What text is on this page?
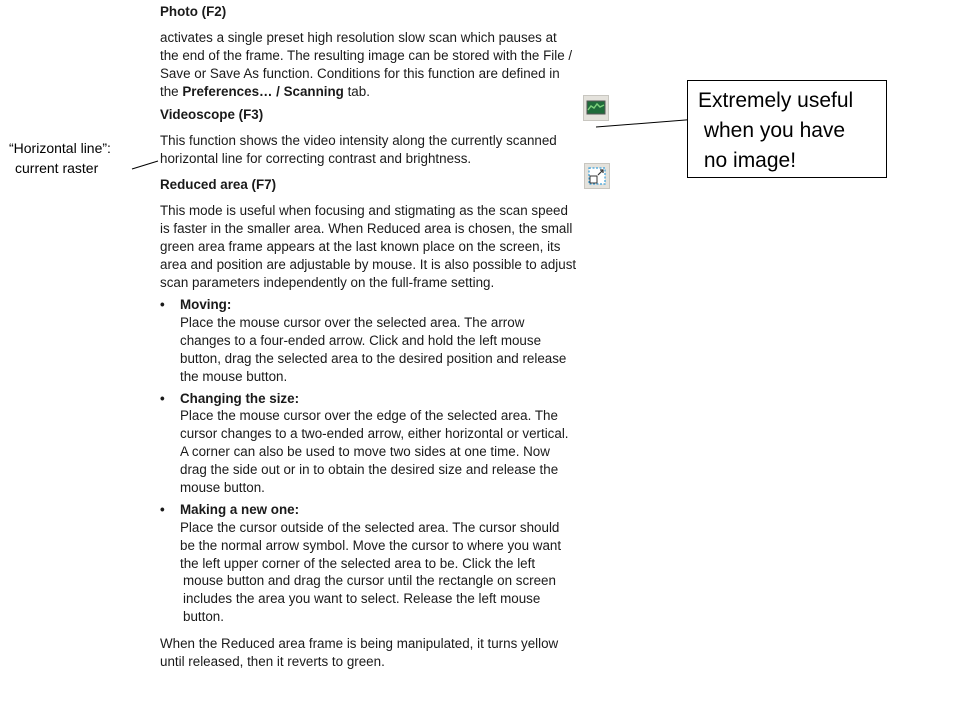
Photo (F2)

activates a single preset high resolution slow scan which pauses at

the end of the frame. The resulting image can be stored with the File /

Save or Save As function. Conditions for this function are defined in

the Preferences… / Scanning tab.

Videoscope (F3)

This function shows the video intensity along the currently scanned

horizontal line for correcting contrast and brightness.

Reduced area (F7)

This mode is useful when focusing and stigmating as the scan speed

is faster in the smaller area. When Reduced area is chosen, the small

green area frame appears at the last known place on the screen, its

area and position are adjustable by mouse. It is also possible to adjust

scan parameters independently on the full-frame setting.

• Moving:
Place the mouse cursor over the selected area. The arrow
changes to a four-ended arrow. Click and hold the left mouse
button, drag the selected area to the desired position and release
the mouse button.
• Changing the size:
Place the mouse cursor over the edge of the selected area. The
cursor changes to a two-ended arrow, either horizontal or vertical.
A corner can also be used to move two sides at one time. Now
drag the side out or in to obtain the desired size and release the
mouse button.
• Making a new one:
Place the cursor outside of the selected area. The cursor should
be the normal arrow symbol. Move the cursor to where you want
the left upper corner of the selected area to be. Click the left
mouse button and drag the cursor until the rectangle on screen
includes the area you want to select. Release the left mouse
button.

When the Reduced area frame is being manipulated, it turns yellow

until released, then it reverts to green.

Extremely useful
when you have
no image!
“Horizontal line”:
current raster
